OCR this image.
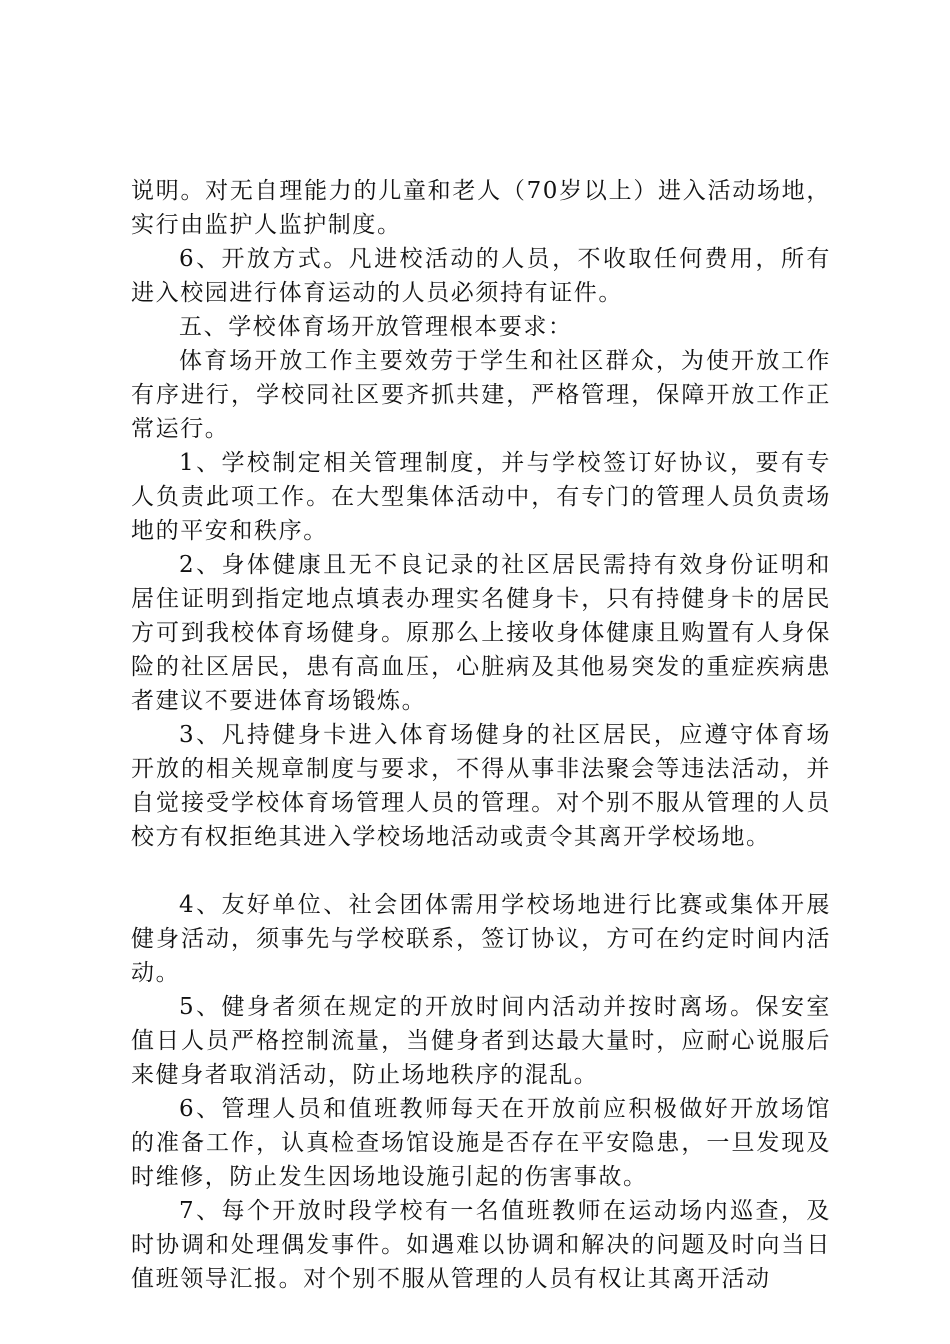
说明。对无自理能力的儿童和老人（70岁以上）进入活动场地，实行由监护人监护制度。

6、开放方式。凡进校活动的人员，不收取任何费用，所有进入校园进行体育运动的人员必须持有证件。

五、学校体育场开放管理根本要求：

体育场开放工作主要效劳于学生和社区群众，为使开放工作有序进行，学校同社区要齐抓共建，严格管理，保障开放工作正常运行。

1、学校制定相关管理制度，并与学校签订好协议，要有专人负责此项工作。在大型集体活动中，有专门的管理人员负责场地的平安和秩序。

2、身体健康且无不良记录的社区居民需持有效身份证明和居住证明到指定地点填表办理实名健身卡，只有持健身卡的居民方可到我校体育场健身。原那么上接收身体健康且购置有人身保险的社区居民，患有高血压，心脏病及其他易突发的重症疾病患者建议不要进体育场锻炼。

3、凡持健身卡进入体育场健身的社区居民，应遵守体育场开放的相关规章制度与要求，不得从事非法聚会等违法活动，并自觉接受学校体育场管理人员的管理。对个别不服从管理的人员校方有权拒绝其进入学校场地活动或责令其离开学校场地。

4、友好单位、社会团体需用学校场地进行比赛或集体开展健身活动，须事先与学校联系，签订协议，方可在约定时间内活动。

5、健身者须在规定的开放时间内活动并按时离场。保安室值日人员严格控制流量，当健身者到达最大量时，应耐心说服后来健身者取消活动，防止场地秩序的混乱。

6、管理人员和值班教师每天在开放前应积极做好开放场馆的准备工作，认真检查场馆设施是否存在平安隐患，一旦发现及时维修，防止发生因场地设施引起的伤害事故。

7、每个开放时段学校有一名值班教师在运动场内巡查，及时协调和处理偶发事件。如遇难以协调和解决的问题及时向当日值班领导汇报。对个别不服从管理的人员有权让其离开活动
